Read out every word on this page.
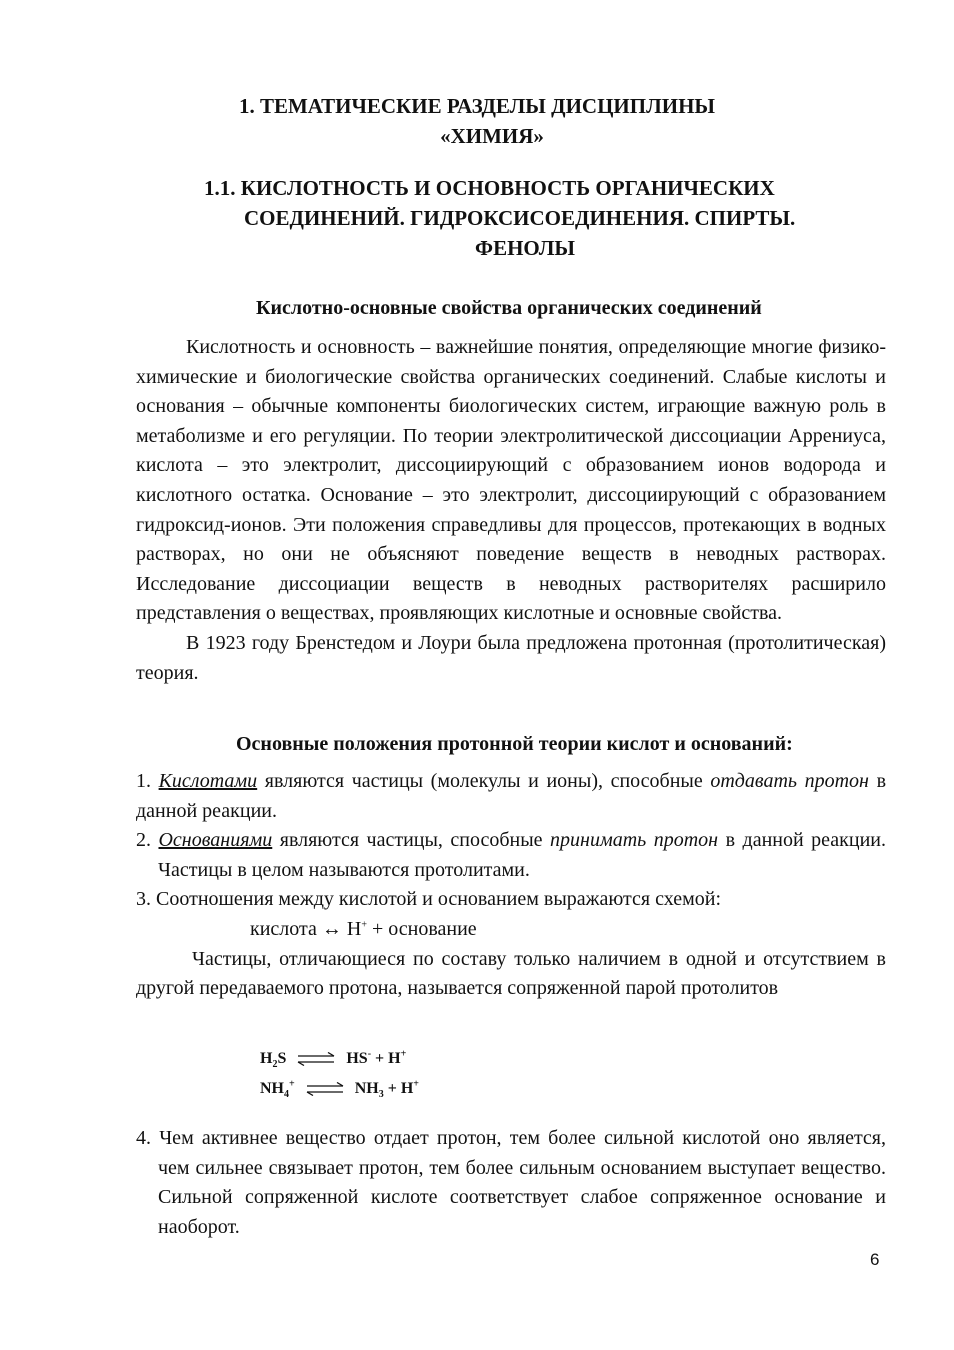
1. ТЕМАТИЧЕСКИЕ РАЗДЕЛЫ ДИСЦИПЛИНЫ
«ХИМИЯ»
1.1. КИСЛОТНОСТЬ И ОСНОВНОСТЬ ОРГАНИЧЕСКИХ
СОЕДИНЕНИЙ. ГИДРОКСИСОЕДИНЕНИЯ. СПИРТЫ.
ФЕНОЛЫ
Кислотно-основные свойства органических соединений

Кислотность и основность – важнейшие понятия, определяющие многие физико-химические и биологические свойства органических соединений. Слабые кислоты и основания – обычные компоненты биологических систем, играющие важную роль в метаболизме и его регуляции. По теории электролитической диссоциации Аррениуса, кислота – это электролит, диссоциирующий с образованием ионов водорода и кислотного остатка. Основание – это электролит, диссоциирующий с образованием гидроксид-ионов. Эти положения справедливы для процессов, протекающих в водных растворах, но они не объясняют поведение веществ в неводных растворах. Исследование диссоциации веществ в неводных растворителях расширило представления о веществах, проявляющих кислотные и основные свойства.

В 1923 году Бренстедом и Лоури была предложена протонная (протолитическая) теория.

Основные положения протонной теории кислот и оснований:

1. Кислотами являются частицы (молекулы и ионы), способные отдавать протон в данной реакции.

2. Основаниями являются частицы, способные принимать протон в данной реакции. Частицы в целом называются протолитами.

3. Соотношения между кислотой и основанием выражаются схемой:

кислота ↔ H+ + основание

Частицы, отличающиеся по составу только наличием в одной и отсутствием в другой передаваемого протона, называется сопряженной парой протолитов

$H_2S$ ⇌ HS- + H+
$NH_4^+$ ⇌ $NH_3 + H^+$

4. Чем активнее вещество отдает протон, тем более сильной кислотой оно является, чем сильнее связывает протон, тем более сильным основанием выступает вещество. Сильной сопряженной кислоте соответствует слабое сопряженное основание и наоборот.

6
